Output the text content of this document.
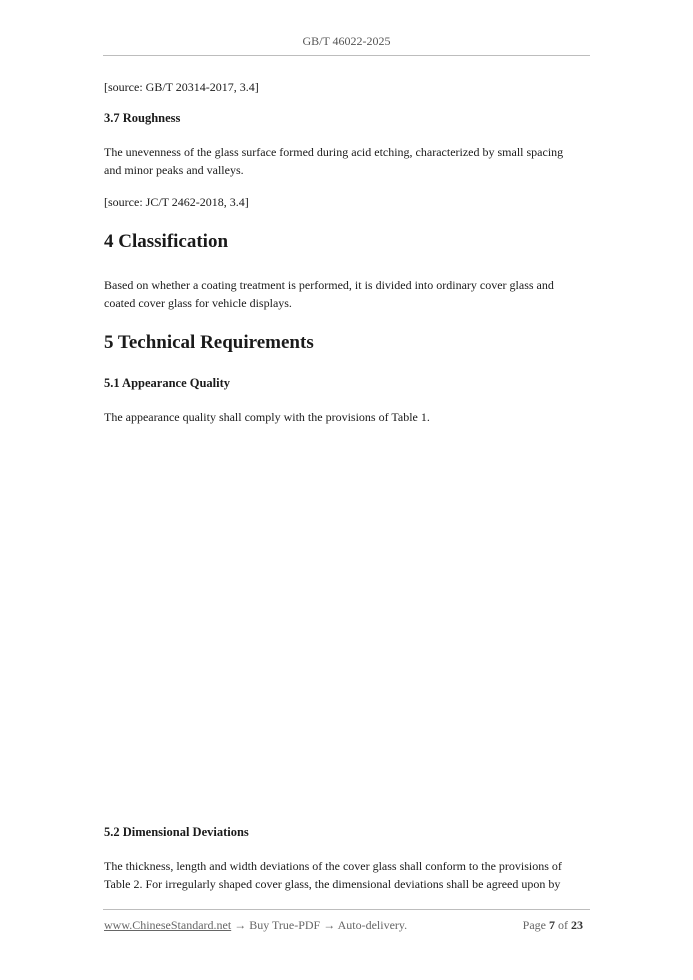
GB/T 46022-2025
[source: GB/T 20314-2017, 3.4]
3.7 Roughness
The unevenness of the glass surface formed during acid etching, characterized by small spacing
and minor peaks and valleys.
[source: JC/T 2462-2018, 3.4]
4 Classification
Based on whether a coating treatment is performed, it is divided into ordinary cover glass and
coated cover glass for vehicle displays.
5 Technical Requirements
5.1 Appearance Quality
The appearance quality shall comply with the provisions of Table 1.
5.2 Dimensional Deviations
The thickness, length and width deviations of the cover glass shall conform to the provisions of
Table 2. For irregularly shaped cover glass, the dimensional deviations shall be agreed upon by
www.ChineseStandard.net → Buy True-PDF → Auto-delivery.	Page 7 of 23
